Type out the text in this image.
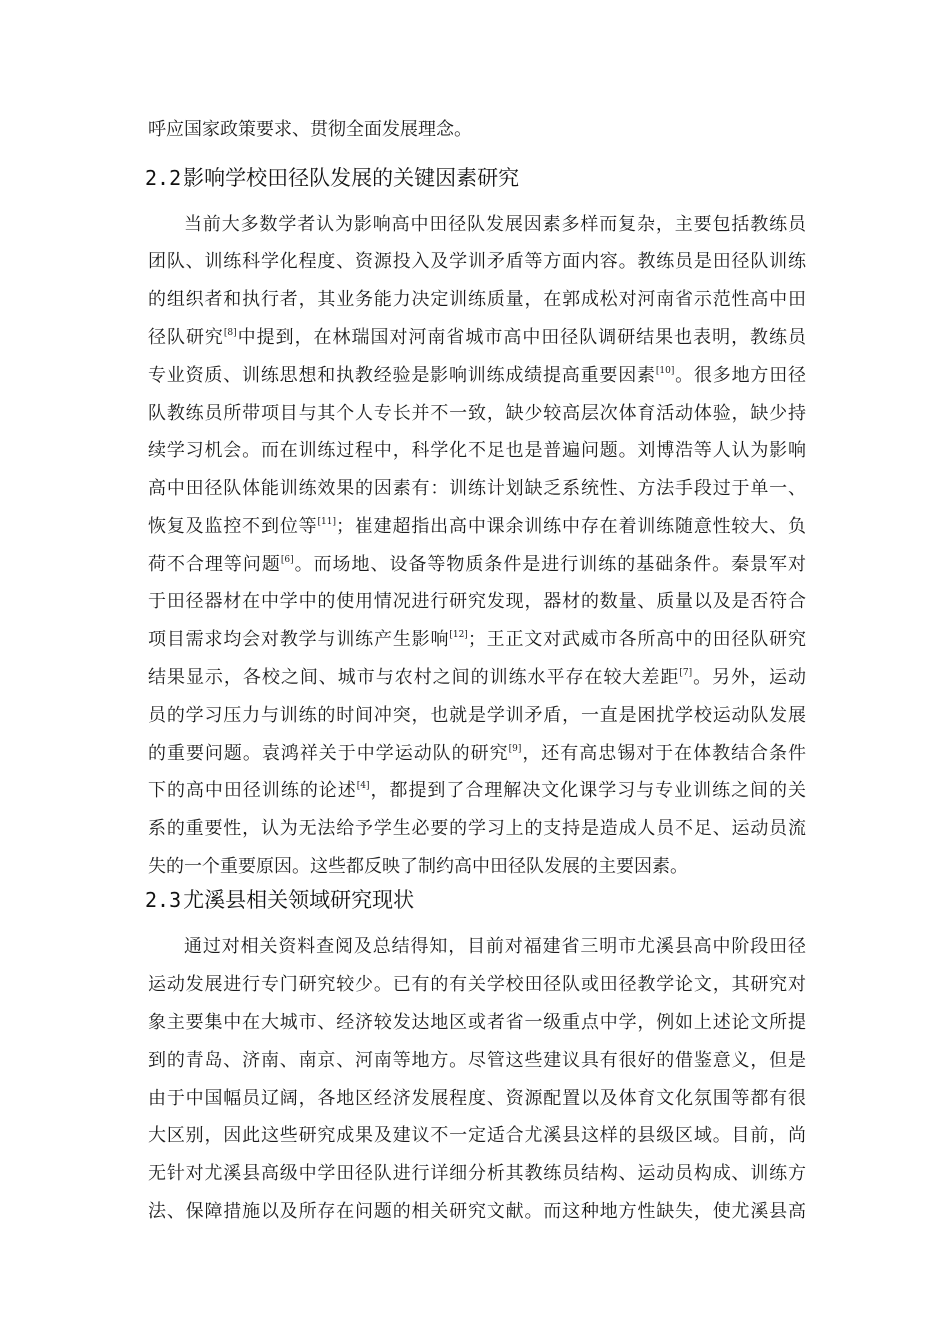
呼应国家政策要求、贯彻全面发展理念。
2.2影响学校田径队发展的关键因素研究
当前大多数学者认为影响高中田径队发展因素多样而复杂，主要包括教练员
团队、训练科学化程度、资源投入及学训矛盾等方面内容。教练员是田径队训练
的组织者和执行者，其业务能力决定训练质量，在郭成松对河南省示范性高中田
径队研究[8]中提到，在林瑞国对河南省城市高中田径队调研结果也表明，教练员
专业资质、训练思想和执教经验是影响训练成绩提高重要因素[10]。很多地方田径
队教练员所带项目与其个人专长并不一致，缺少较高层次体育活动体验，缺少持
续学习机会。而在训练过程中，科学化不足也是普遍问题。刘博浩等人认为影响
高中田径队体能训练效果的因素有：训练计划缺乏系统性、方法手段过于单一、
恢复及监控不到位等[11]；崔建超指出高中课余训练中存在着训练随意性较大、负
荷不合理等问题[6]。而场地、设备等物质条件是进行训练的基础条件。秦景军对
于田径器材在中学中的使用情况进行研究发现，器材的数量、质量以及是否符合
项目需求均会对教学与训练产生影响[12]；王正文对武威市各所高中的田径队研究
结果显示，各校之间、城市与农村之间的训练水平存在较大差距[7]。另外，运动
员的学习压力与训练的时间冲突，也就是学训矛盾，一直是困扰学校运动队发展
的重要问题。袁鸿祥关于中学运动队的研究[9]，还有高忠锡对于在体教结合条件
下的高中田径训练的论述[4]，都提到了合理解决文化课学习与专业训练之间的关
系的重要性，认为无法给予学生必要的学习上的支持是造成人员不足、运动员流
失的一个重要原因。这些都反映了制约高中田径队发展的主要因素。
2.3尤溪县相关领域研究现状
通过对相关资料查阅及总结得知，目前对福建省三明市尤溪县高中阶段田径
运动发展进行专门研究较少。已有的有关学校田径队或田径教学论文，其研究对
象主要集中在大城市、经济较发达地区或者省一级重点中学，例如上述论文所提
到的青岛、济南、南京、河南等地方。尽管这些建议具有很好的借鉴意义，但是
由于中国幅员辽阔，各地区经济发展程度、资源配置以及体育文化氛围等都有很
大区别，因此这些研究成果及建议不一定适合尤溪县这样的县级区域。目前，尚
无针对尤溪县高级中学田径队进行详细分析其教练员结构、运动员构成、训练方
法、保障措施以及所存在问题的相关研究文献。而这种地方性缺失，使尤溪县高
